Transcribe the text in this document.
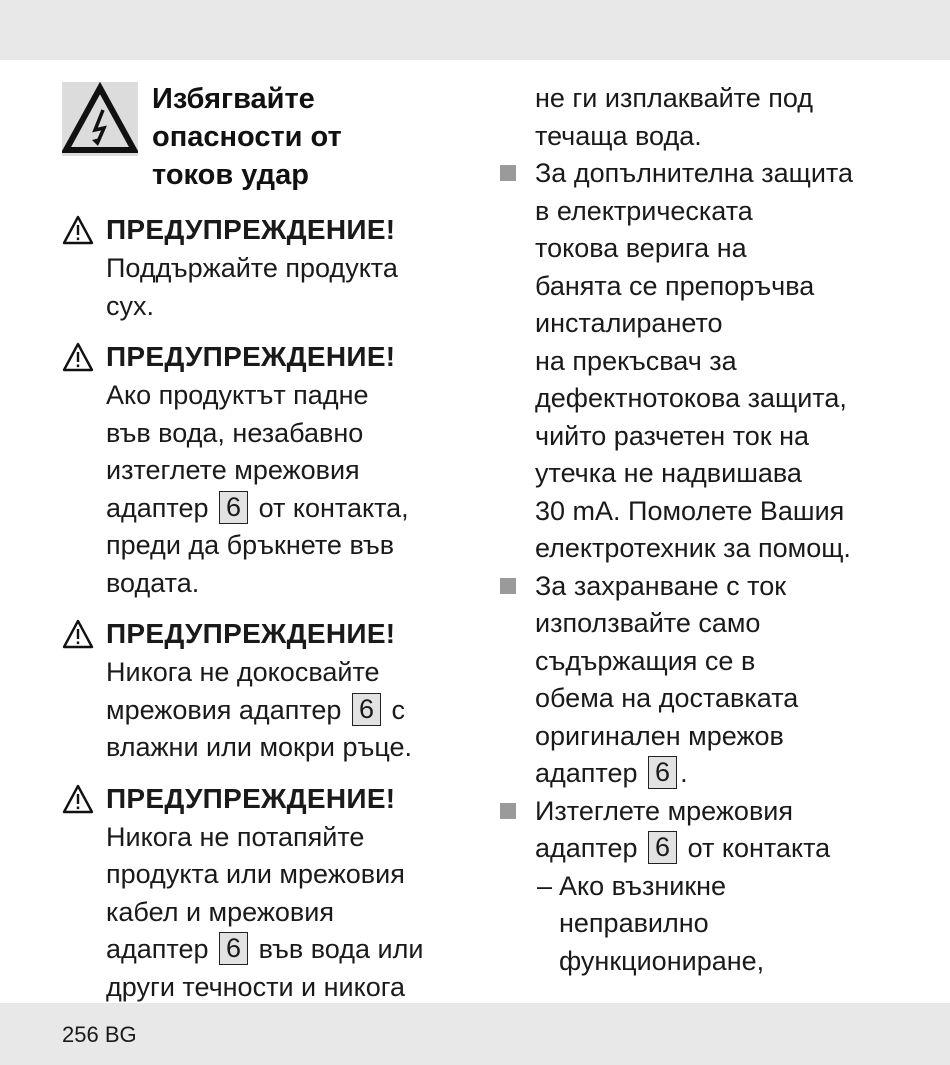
Избягвайте
опасности от
токов удар
ПРЕДУПРЕЖДЕНИЕ!
Поддържайте продукта
сух.
ПРЕДУПРЕЖДЕНИЕ!
Ако продуктът падне
във вода, незабавно
изтеглете мрежовия
адаптер 6 от контакта,
преди да бръкнете във
водата.
ПРЕДУПРЕЖДЕНИЕ!
Никога не докосвайте
мрежовия адаптер 6 с
влажни или мокри ръце.
ПРЕДУПРЕЖДЕНИЕ!
Никога не потапяйте
продукта или мрежовия
кабел и мрежовия
адаптер 6 във вода или
други течности и никога
не ги изплаквайте под
течаща вода.
За допълнителна защита
в електрическата
токова верига на
банята се препоръчва
инсталирането
на прекъсвач за
дефектнотокова защита,
чийто разчетен ток на
утечка не надвишава
30 mA. Помолете Вашия
електротехник за помощ.
За захранване с ток
използвайте само
съдържащия се в
обема на доставката
оригинален мрежов
адаптер 6 .
Изтеглете мрежовия
адаптер 6 от контакта
– Ако възникне
неправилно
функциониране,
256 BG
